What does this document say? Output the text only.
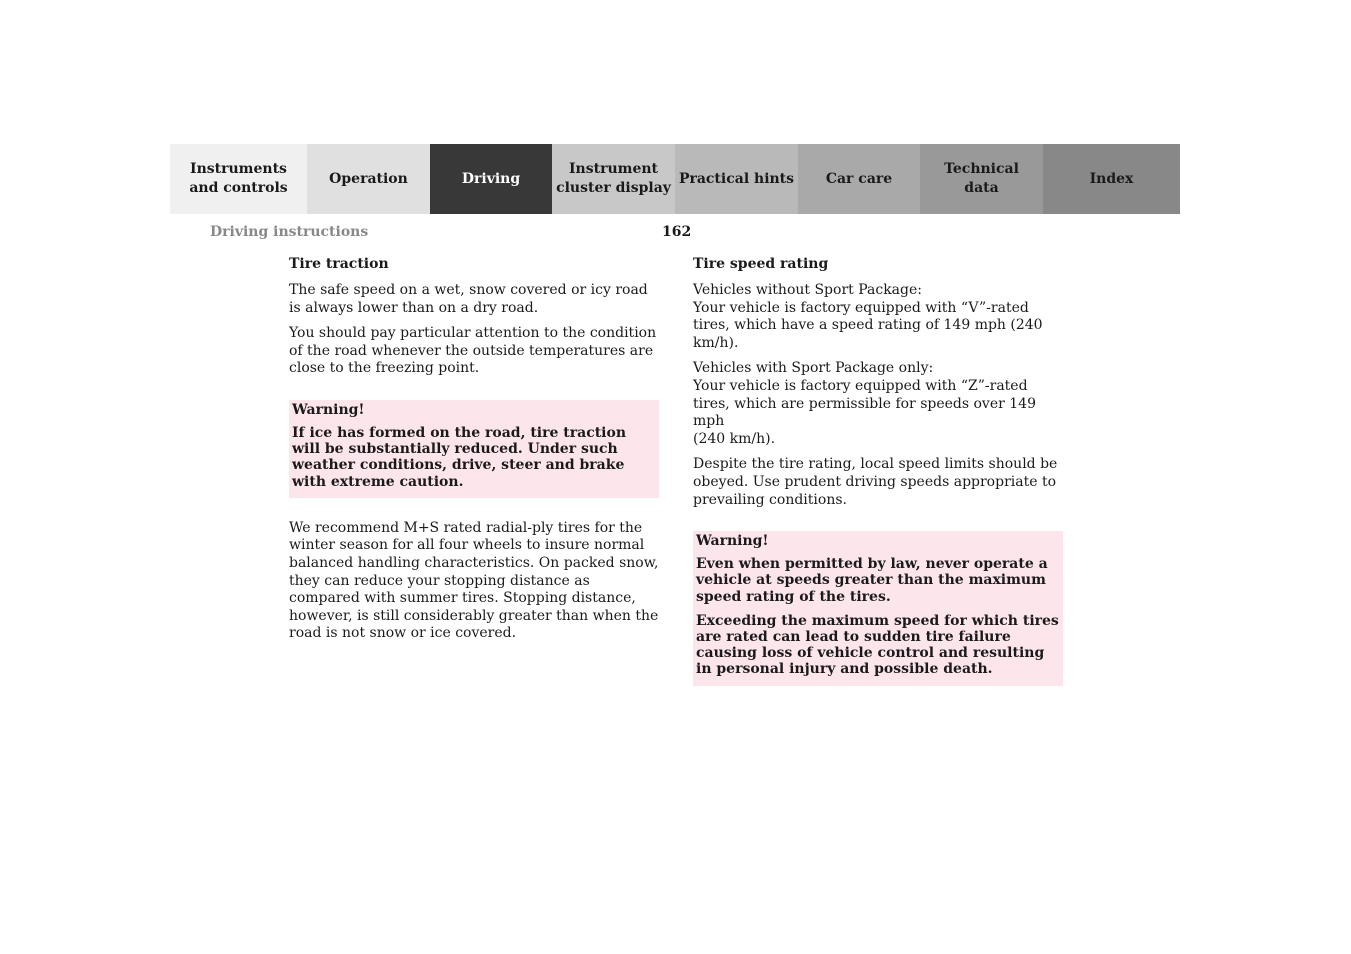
Instruments
and controls
Operation	Driving
Instrument
cluster display
Practical hints Car care
Technical
data
Index
Driving instructions	162
Tire traction

The safe speed on a wet, snow covered or icy road is always lower than on a dry road.

You should pay particular attention to the condition of the road whenever the outside temperatures are close to the freezing point.

Warning!

If ice has formed on the road, tire traction will be substantially reduced. Under such weather conditions, drive, steer and brake with extreme caution.

We recommend M+S rated radial-ply tires for the winter season for all four wheels to insure normal balanced handling characteristics. On packed snow, they can reduce your stopping distance as compared with summer tires. Stopping distance, however, is still considerably greater than when the road is not snow or ice covered.

Tire speed rating

Vehicles without Sport Package:
Your vehicle is factory equipped with “V”-rated tires, which have a speed rating of 149 mph (240 km/h).

Vehicles with Sport Package only:
Your vehicle is factory equipped with “Z”-rated tires, which are permissible for speeds over 149 mph
(240 km/h).

Despite the tire rating, local speed limits should be obeyed. Use prudent driving speeds appropriate to prevailing conditions.

Warning!

Even when permitted by law, never operate a vehicle at speeds greater than the maximum speed rating of the tires.

Exceeding the maximum speed for which tires are rated can lead to sudden tire failure causing loss of vehicle control and resulting in personal injury and possible death.
